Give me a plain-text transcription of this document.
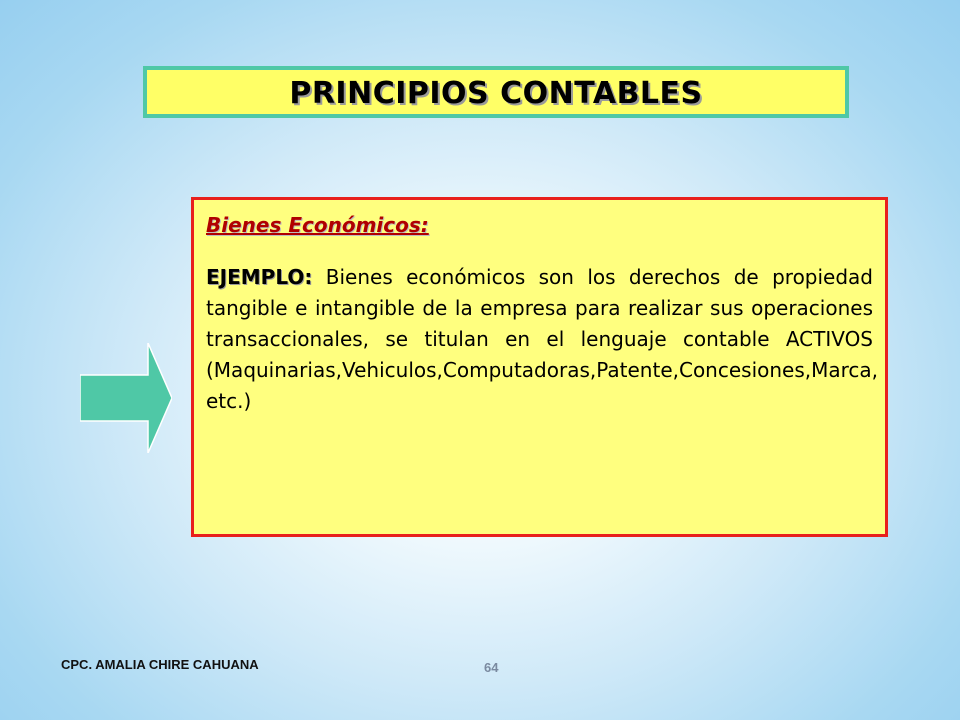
PRINCIPIOS CONTABLES

Bienes Económicos:

EJEMPLO: Bienes económicos son los derechos de propiedad tangible e intangible de la empresa para realizar sus operaciones transaccionales, se titulan en el lenguaje contable ACTIVOS (Maquinarias,Vehiculos,Computadoras,Patente,Concesiones,Marca, etc.)

CPC. AMALIA CHIRE CAHUANA	64
